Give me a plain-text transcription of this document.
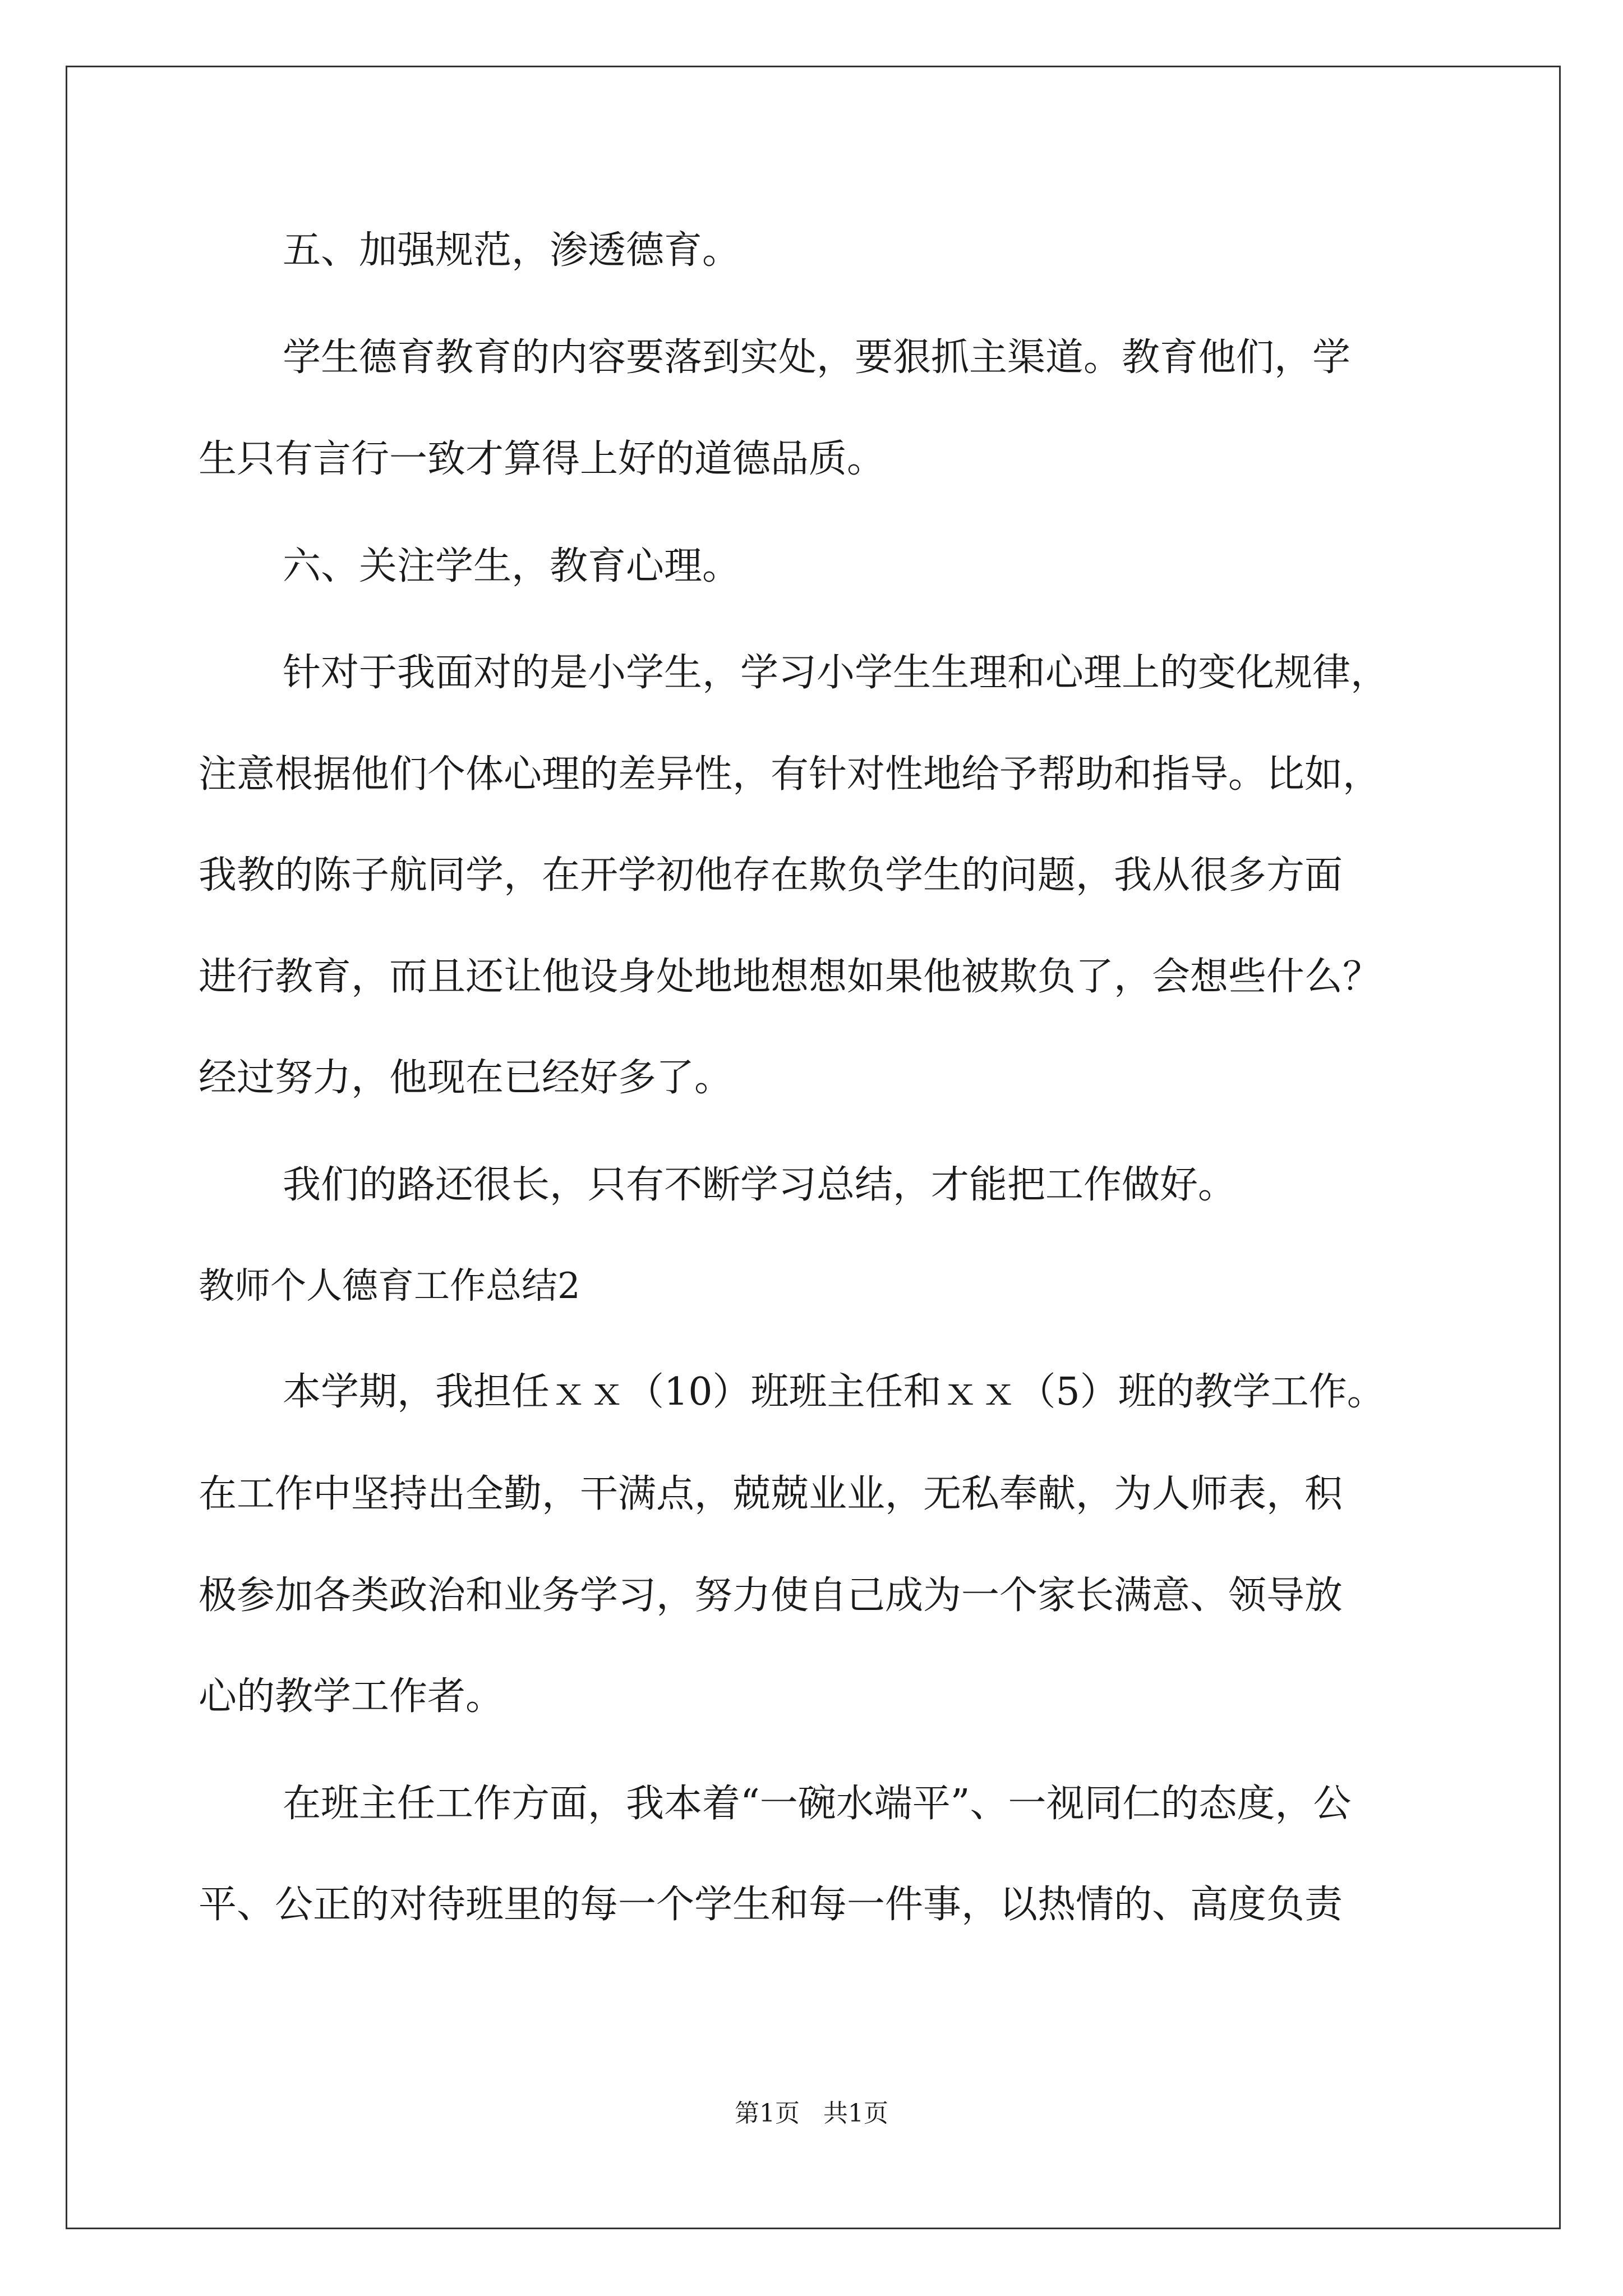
五、加强规范，渗透德育。
学生德育教育的内容要落到实处，要狠抓主渠道。教育他们，学
生只有言行一致才算得上好的道德品质。
六、关注学生，教育心理。
针对于我面对的是小学生，学习小学生生理和心理上的变化规律，
注意根据他们个体心理的差异性，有针对性地给予帮助和指导。比如，
我教的陈子航同学，在开学初他存在欺负学生的问题，我从很多方面
进行教育，而且还让他设身处地地想想如果他被欺负了，会想些什么？
经过努力，他现在已经好多了。
我们的路还很长，只有不断学习总结，才能把工作做好。
教师个人德育工作总结2
本学期，我担任ｘｘ（10）班班主任和ｘｘ（5）班的教学工作。
在工作中坚持出全勤，干满点，兢兢业业，无私奉献，为人师表，积
极参加各类政治和业务学习，努力使自己成为一个家长满意、领导放
心的教学工作者。
在班主任工作方面，我本着“一碗水端平”、一视同仁的态度，公
平、公正的对待班里的每一个学生和每一件事，以热情的、高度负责
第1页   共1页
